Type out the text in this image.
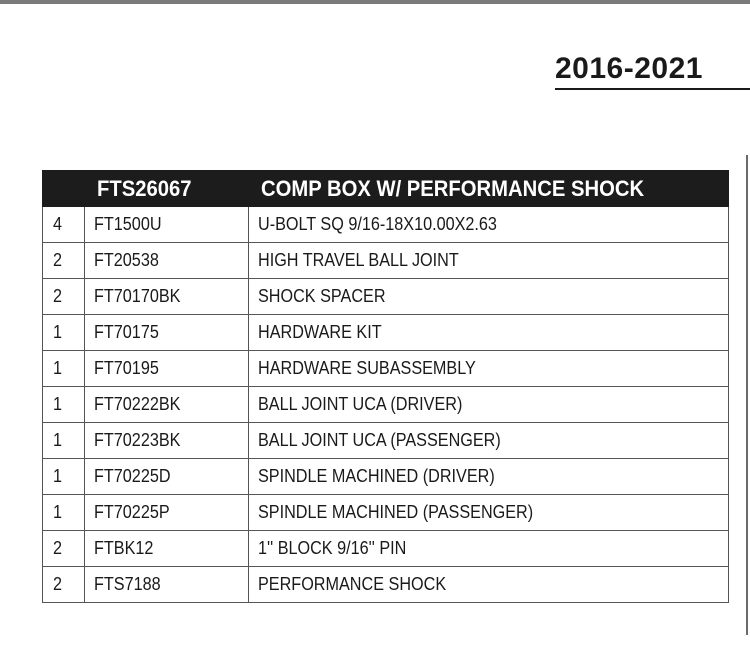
2016-2021
	FTS26067	COMP BOX W/ PERFORMANCE SHOCK
4	FT1500U	U-BOLT SQ 9/16-18X10.00X2.63
2	FT20538	HIGH TRAVEL BALL JOINT
2	FT70170BK	SHOCK SPACER
1	FT70175	HARDWARE KIT
1	FT70195	HARDWARE SUBASSEMBLY
1	FT70222BK	BALL JOINT UCA (DRIVER)
1	FT70223BK	BALL JOINT UCA (PASSENGER)
1	FT70225D	SPINDLE MACHINED (DRIVER)
1	FT70225P	SPINDLE MACHINED (PASSENGER)
2	FTBK12	1'' BLOCK 9/16'' PIN
2	FTS7188	PERFORMANCE SHOCK
